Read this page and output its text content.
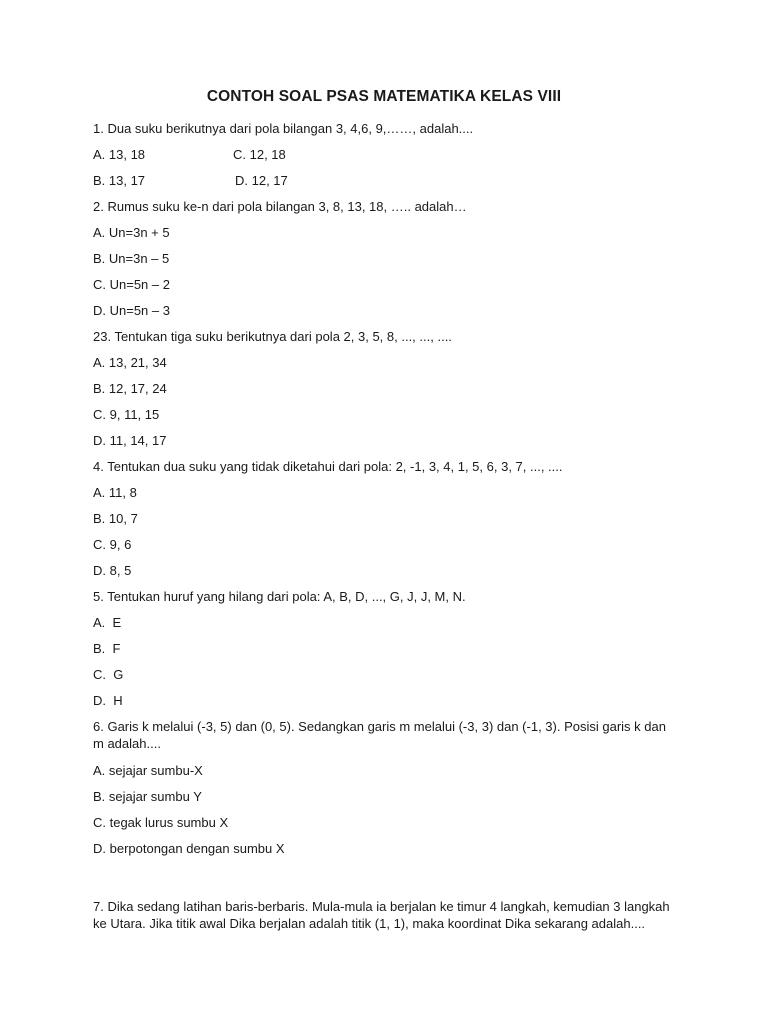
CONTOH SOAL PSAS MATEMATIKA KELAS VIII
1. Dua suku berikutnya dari pola bilangan 3, 4,6, 9,……, adalah....
A. 13, 18	C. 12, 18
B. 13, 17	D. 12, 17
2. Rumus suku ke-n dari pola bilangan 3, 8, 13, 18, ….. adalah…
A. Un=3n + 5
B. Un=3n – 5
C. Un=5n – 2
D. Un=5n – 3
23. Tentukan tiga suku berikutnya dari pola 2, 3, 5, 8, ..., ..., ....
A. 13, 21, 34
B. 12, 17, 24
C. 9, 11, 15
D. 11, 14, 17
4. Tentukan dua suku yang tidak diketahui dari pola: 2, -1, 3, 4, 1, 5, 6, 3, 7, ..., ....
A. 11, 8
B. 10, 7
C. 9, 6
D. 8, 5
5. Tentukan huruf yang hilang dari pola: A, B, D, ..., G, J, J, M, N.
A.  E
B.  F
C.  G
D.  H
6. Garis k melalui (-3, 5) dan (0, 5). Sedangkan garis m melalui (-3, 3) dan (-1, 3). Posisi garis k dan m adalah....
A. sejajar sumbu-X
B. sejajar sumbu Y
C. tegak lurus sumbu X
D. berpotongan dengan sumbu X
7. Dika sedang latihan baris-berbaris. Mula-mula ia berjalan ke timur 4 langkah, kemudian 3 langkah ke Utara. Jika titik awal Dika berjalan adalah titik (1, 1), maka koordinat Dika sekarang adalah....
